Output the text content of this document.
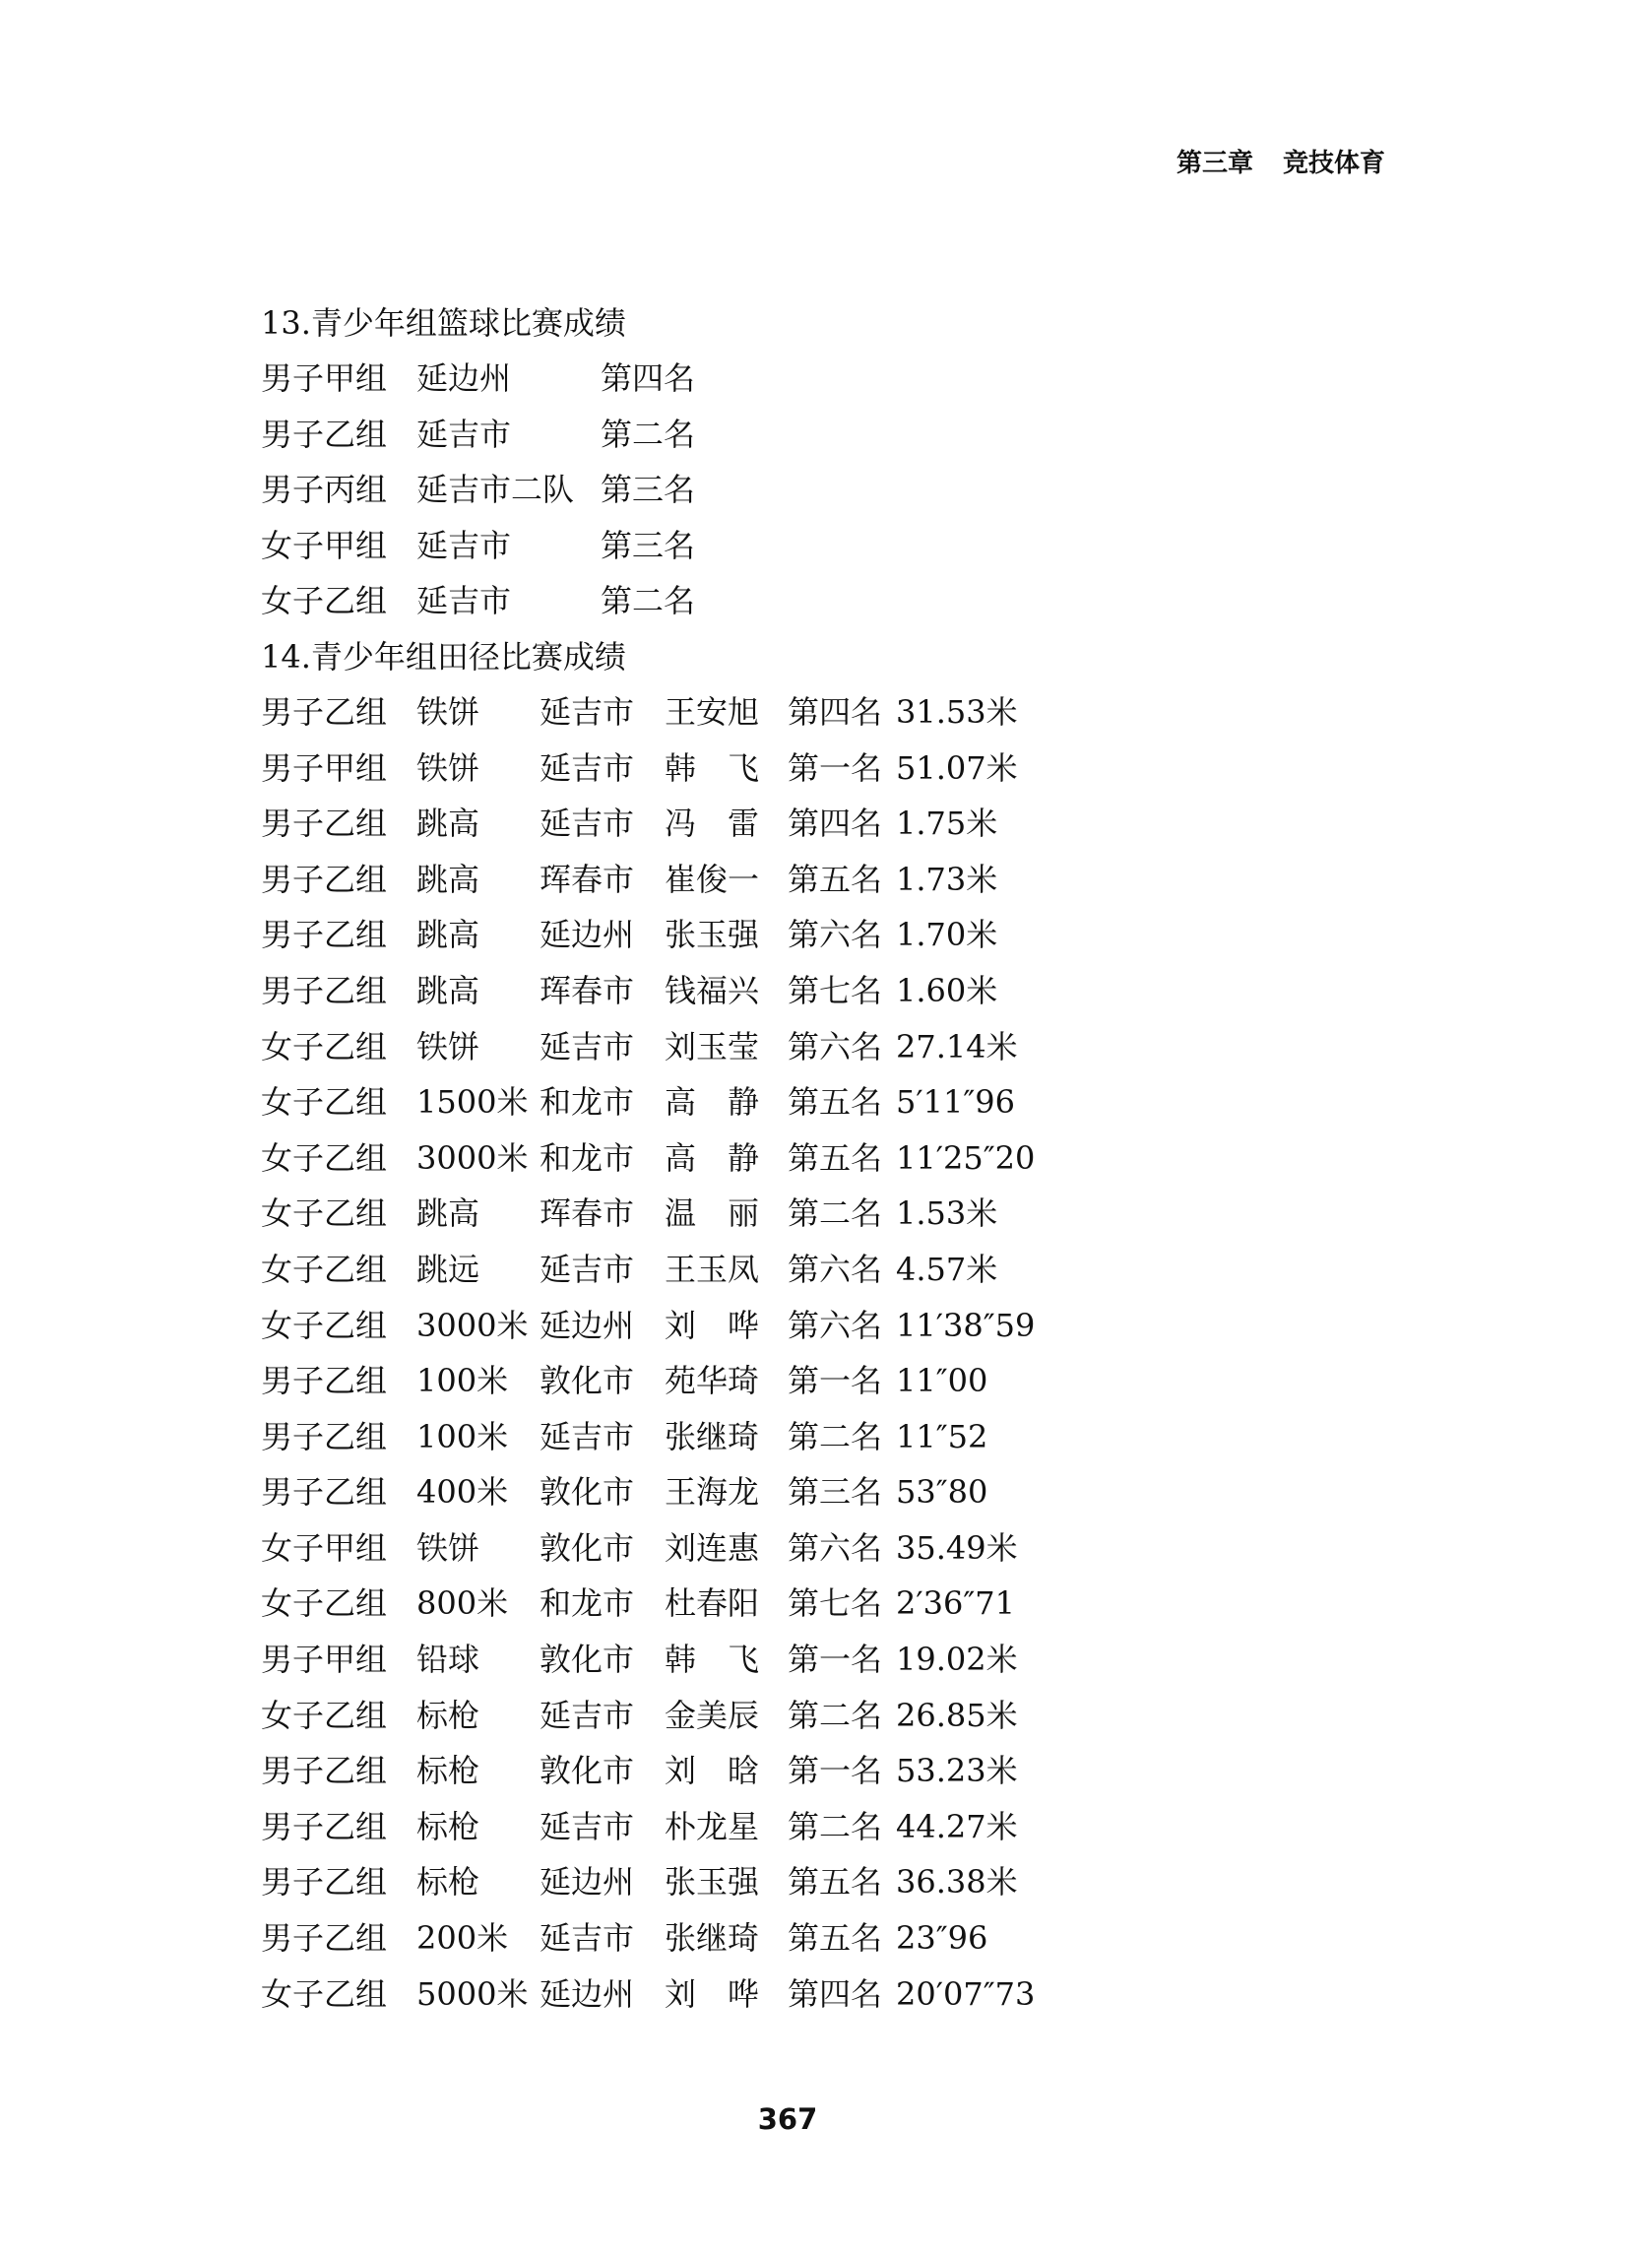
第三章 竞技体育
13.青少年组篮球比赛成绩
男子甲组 延边州	第四名
男子乙组 延吉市	第二名
男子丙组 延吉市二队 第三名
女子甲组 延吉市	第三名
女子乙组 延吉市	第二名
14.青少年组田径比赛成绩
男子乙组 铁饼 延吉市 王安旭 第四名 31.53米
男子甲组 铁饼 延吉市 韩　飞 第一名 51.07米
男子乙组 跳高 延吉市 冯　雷 第四名 1.75米
男子乙组 跳高 珲春市 崔俊一 第五名 1.73米
男子乙组 跳高 延边州 张玉强 第六名 1.70米
男子乙组 跳高 珲春市 钱福兴 第七名 1.60米
女子乙组 铁饼 延吉市 刘玉莹 第六名 27.14米
女子乙组 1500米 和龙市 高　静 第五名 5′11″96
女子乙组 3000米 和龙市 高　静 第五名 11′25″20
女子乙组 跳高 珲春市 温　丽 第二名 1.53米
女子乙组 跳远 延吉市 王玉凤 第六名 4.57米
女子乙组 3000米 延边州 刘　哗 第六名 11′38″59
男子乙组 100米 敦化市 苑华琦 第一名 11″00
男子乙组 100米 延吉市 张继琦 第二名 11″52
男子乙组 400米 敦化市 王海龙 第三名 53″80
女子甲组 铁饼 敦化市 刘连惠 第六名 35.49米
女子乙组 800米 和龙市 杜春阳 第七名 2′36″71
男子甲组 铅球 敦化市 韩　飞 第一名 19.02米
女子乙组 标枪 延吉市 金美辰 第二名 26.85米
男子乙组 标枪 敦化市 刘　晗 第一名 53.23米
男子乙组 标枪 延吉市 朴龙星 第二名 44.27米
男子乙组 标枪 延边州 张玉强 第五名 36.38米
男子乙组 200米 延吉市 张继琦 第五名 23″96
女子乙组 5000米 延边州 刘　哗 第四名 20′07″73
367
